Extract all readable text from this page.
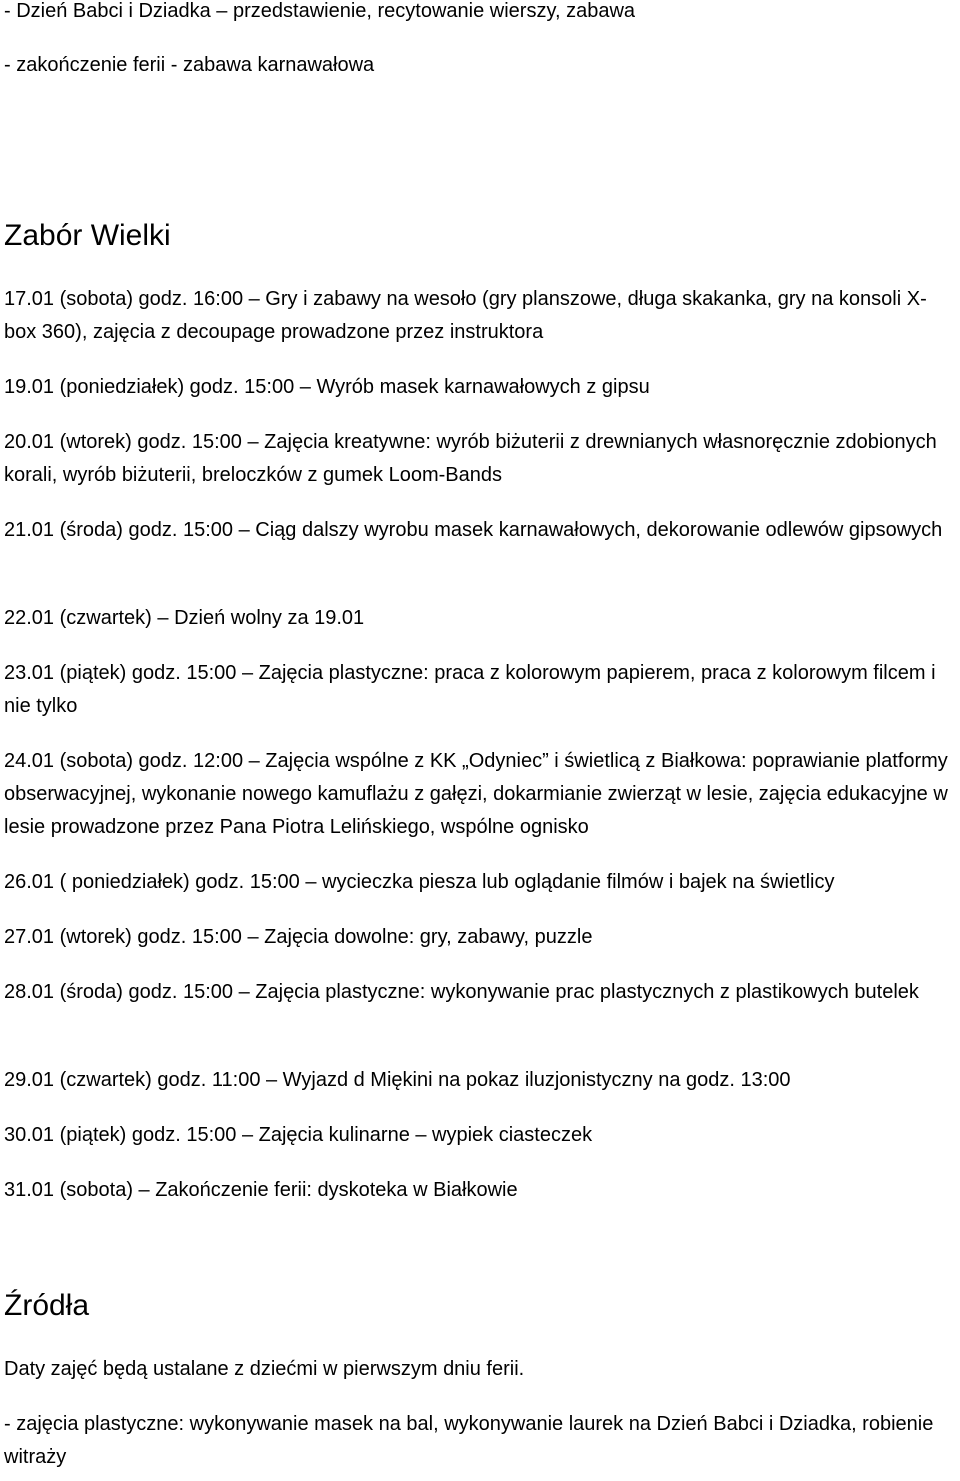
- Dzień Babci i Dziadka – przedstawienie, recytowanie wierszy, zabawa

- zakończenie ferii - zabawa karnawałowa

Zabór Wielki

17.01 (sobota) godz. 16:00 – Gry i zabawy na wesoło (gry planszowe, długa skakanka, gry na konsoli X-box 360), zajęcia z decoupage prowadzone przez instruktora

19.01 (poniedziałek) godz. 15:00 – Wyrób masek karnawałowych z gipsu

20.01 (wtorek) godz. 15:00 – Zajęcia kreatywne: wyrób biżuterii z drewnianych własnoręcznie zdobionych korali, wyrób biżuterii, breloczków z gumek Loom-Bands

21.01 (środa) godz. 15:00 – Ciąg dalszy wyrobu masek karnawałowych, dekorowanie odlewów gipsowych

22.01 (czwartek) – Dzień wolny za 19.01

23.01 (piątek) godz. 15:00 – Zajęcia plastyczne: praca z kolorowym papierem, praca z kolorowym filcem i nie tylko

24.01 (sobota) godz. 12:00 – Zajęcia wspólne z KK „Odyniec” i świetlicą z Białkowa: poprawianie platformy obserwacyjnej, wykonanie nowego kamuflażu z gałęzi, dokarmianie zwierząt w lesie, zajęcia edukacyjne w lesie prowadzone przez Pana Piotra Lelińskiego, wspólne ognisko

26.01 ( poniedziałek) godz. 15:00 – wycieczka piesza lub oglądanie filmów i bajek na świetlicy

27.01 (wtorek) godz. 15:00 – Zajęcia dowolne: gry, zabawy, puzzle

28.01 (środa) godz. 15:00 – Zajęcia plastyczne: wykonywanie prac plastycznych z plastikowych butelek

29.01 (czwartek) godz. 11:00 – Wyjazd d Miękini na pokaz iluzjonistyczny na godz. 13:00

30.01 (piątek) godz. 15:00 – Zajęcia kulinarne – wypiek ciasteczek

31.01 (sobota) – Zakończenie ferii: dyskoteka w Białkowie

Źródła

Daty zajęć będą ustalane z dziećmi w pierwszym dniu ferii.

- zajęcia plastyczne: wykonywanie masek na bal, wykonywanie laurek na Dzień Babci i Dziadka, robienie witraży
